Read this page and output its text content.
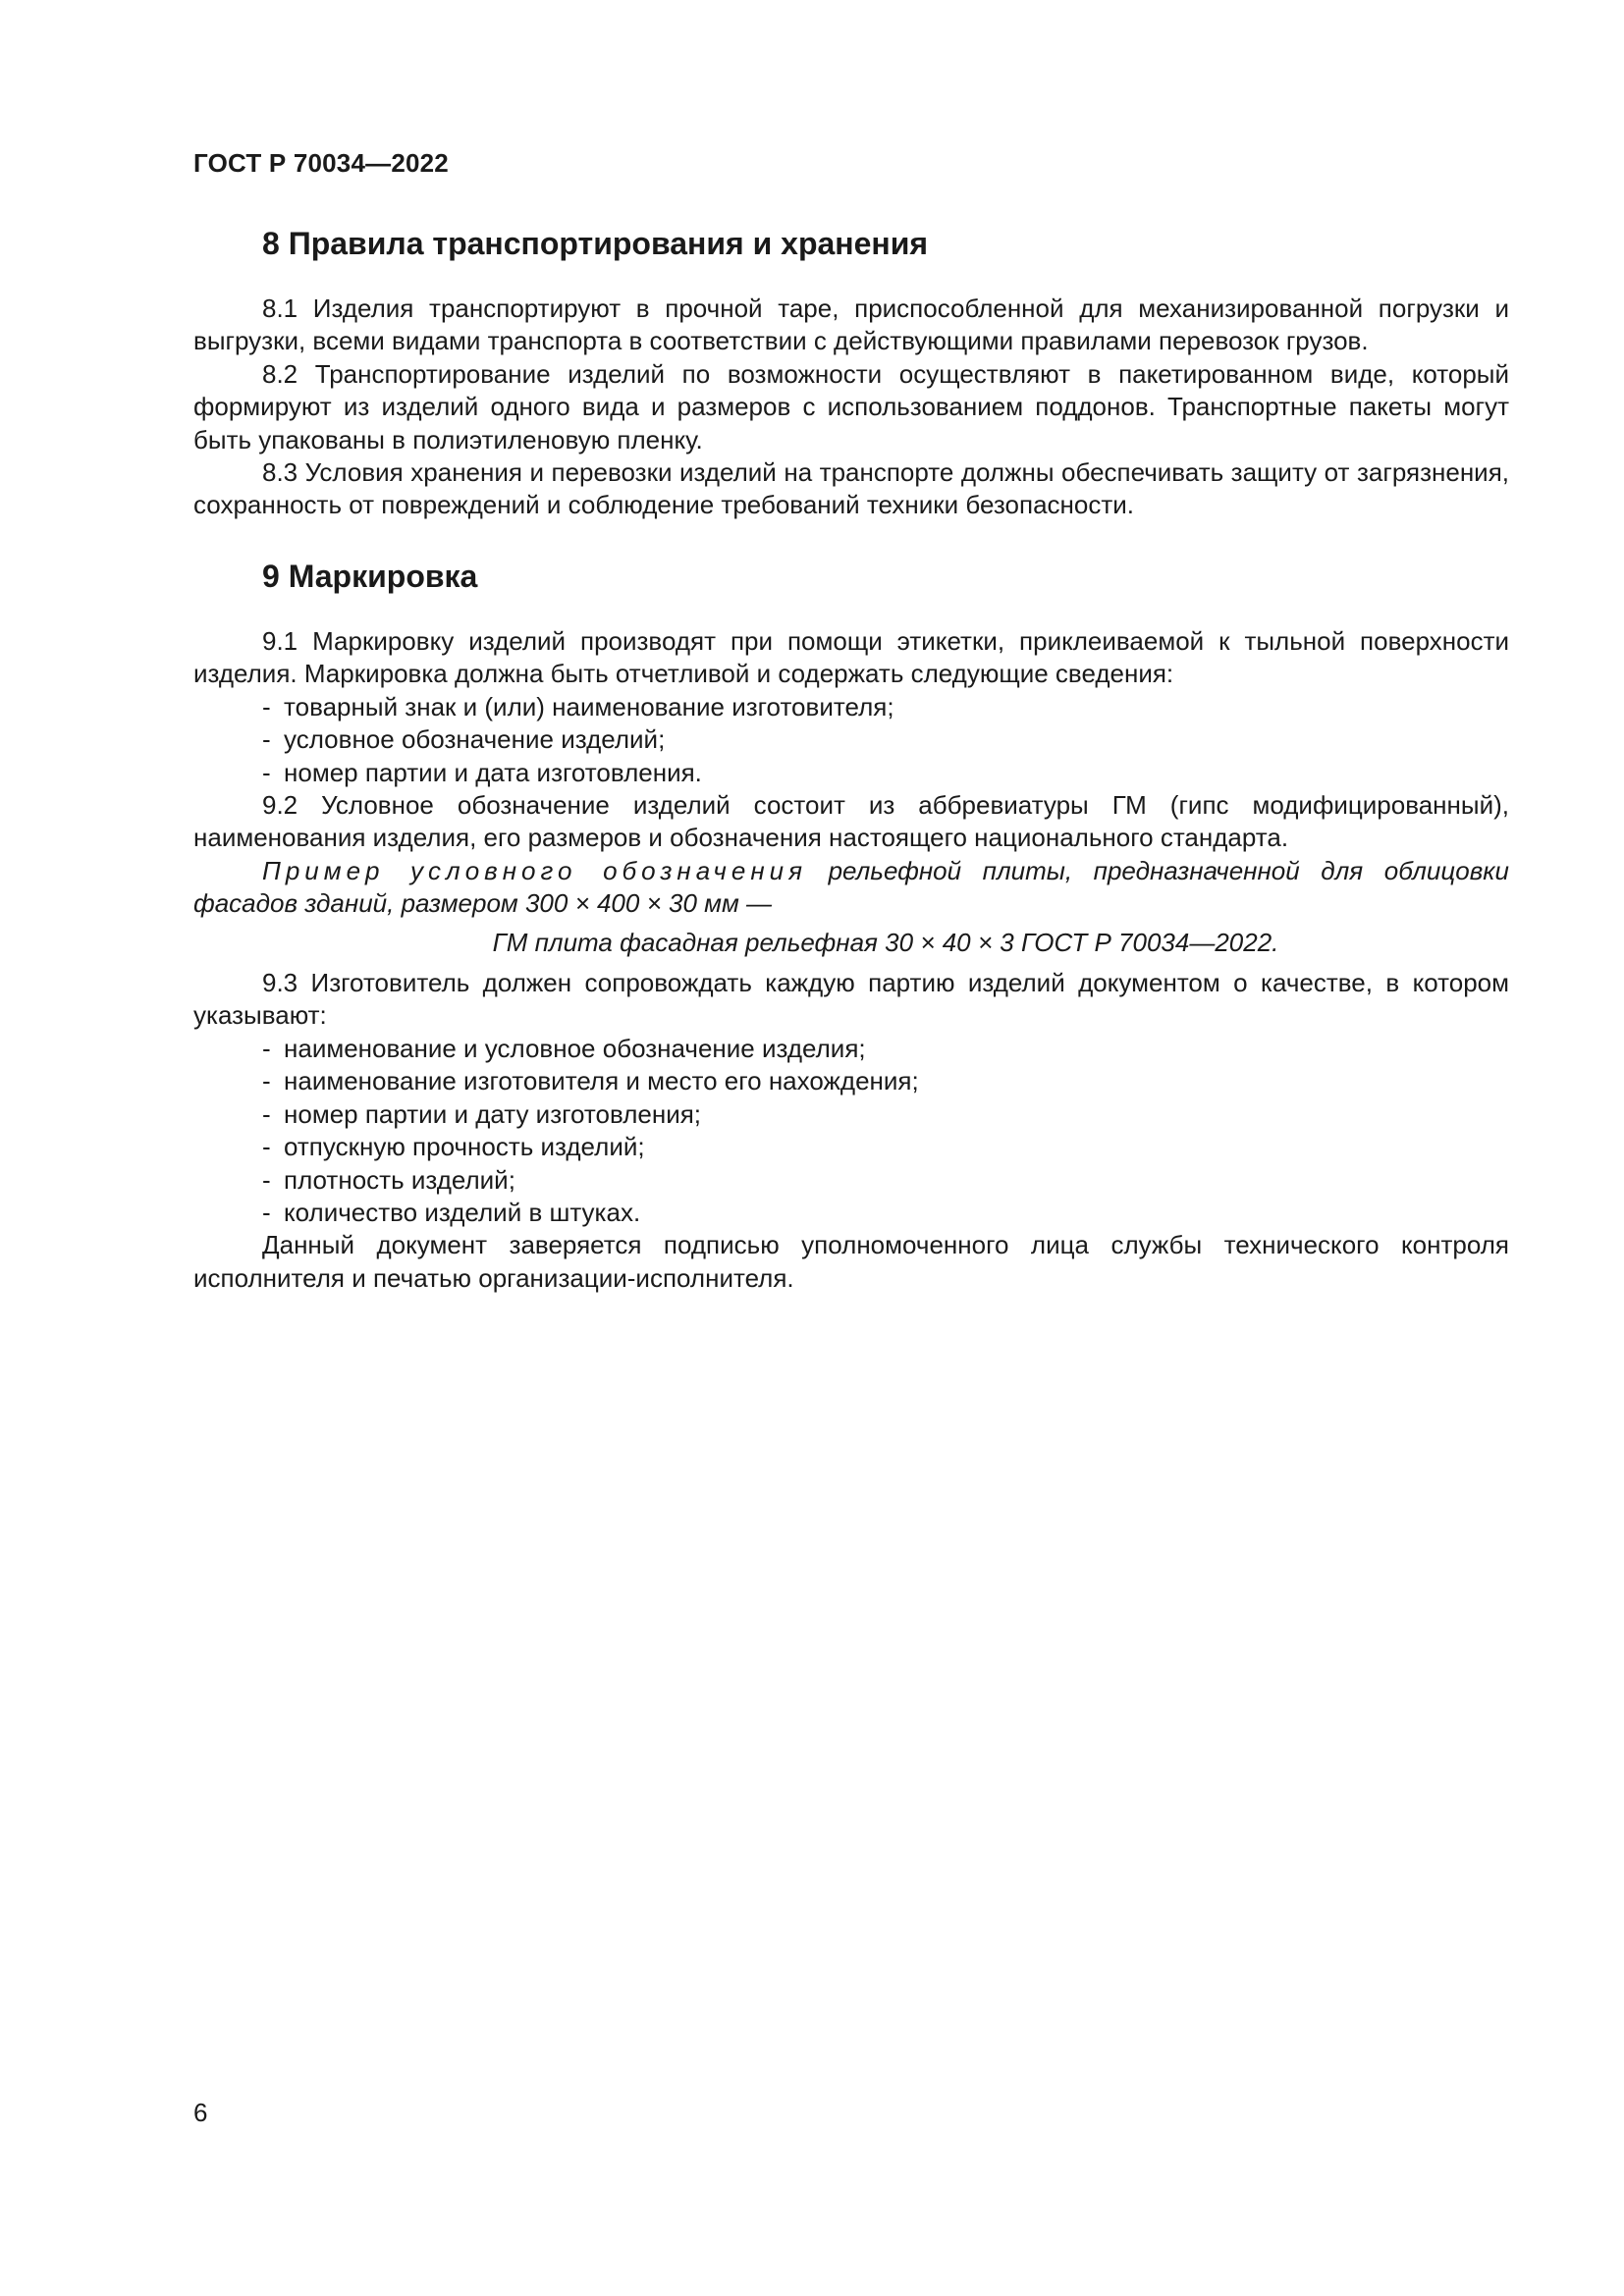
ГОСТ Р 70034—2022
8 Правила транспортирования и хранения

8.1 Изделия транспортируют в прочной таре, приспособленной для механизированной погрузки и выгрузки, всеми видами транспорта в соответствии с действующими правилами перевозок грузов.

8.2 Транспортирование изделий по возможности осуществляют в пакетированном виде, который формируют из изделий одного вида и размеров с использованием поддонов. Транспортные пакеты могут быть упакованы в полиэтиленовую пленку.

8.3 Условия хранения и перевозки изделий на транспорте должны обеспечивать защиту от загрязнения, сохранность от повреждений и соблюдение требований техники безопасности.

9 Маркировка

9.1 Маркировку изделий производят при помощи этикетки, приклеиваемой к тыльной поверхности изделия. Маркировка должна быть отчетливой и содержать следующие сведения:

- товарный знак и (или) наименование изготовителя;
- условное обозначение изделий;
- номер партии и дата изготовления.

9.2 Условное обозначение изделий состоит из аббревиатуры ГМ (гипс модифицированный), наименования изделия, его размеров и обозначения настоящего национального стандарта.

Пример условного обозначения рельефной плиты, предназначенной для облицовки фасадов зданий, размером 300 × 400 × 30 мм —

ГМ плита фасадная рельефная 30 × 40 × 3 ГОСТ Р 70034—2022.

9.3 Изготовитель должен сопровождать каждую партию изделий документом о качестве, в котором указывают:

- наименование и условное обозначение изделия;
- наименование изготовителя и место его нахождения;
- номер партии и дату изготовления;
- отпускную прочность изделий;
- плотность изделий;
- количество изделий в штуках.

Данный документ заверяется подписью уполномоченного лица службы технического контроля исполнителя и печатью организации-исполнителя.

6
